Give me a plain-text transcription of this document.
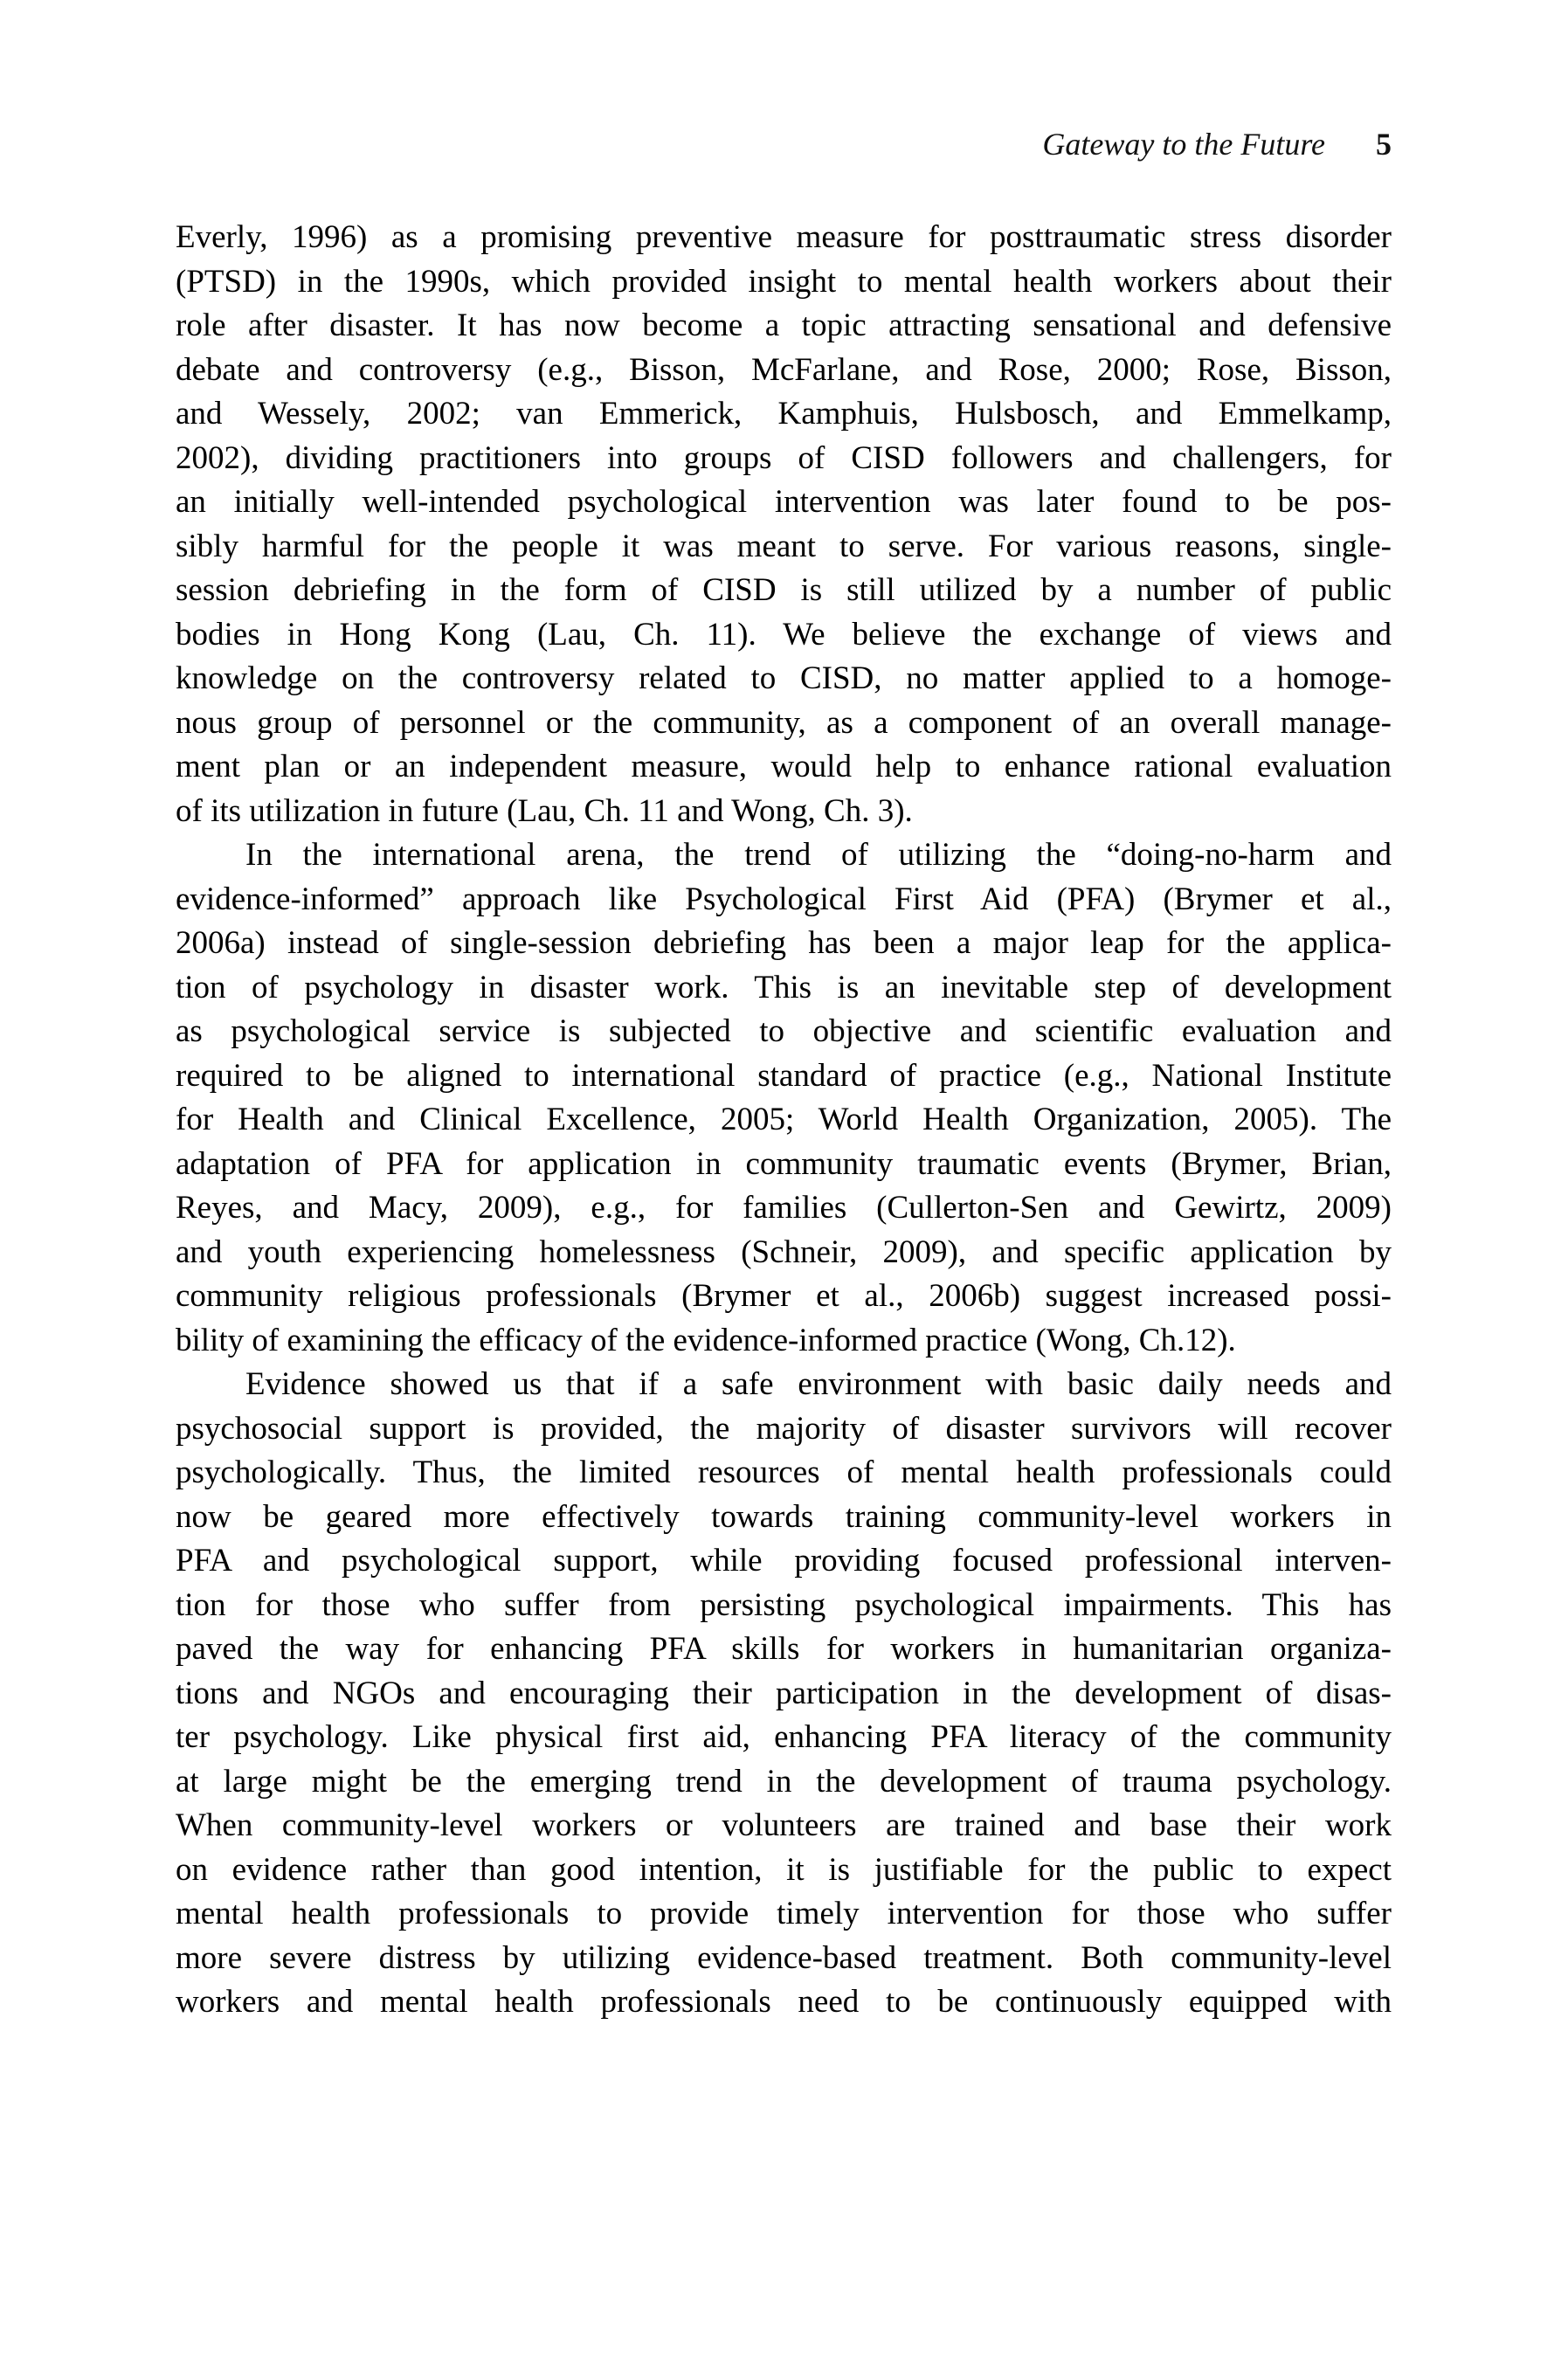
Gateway to the Future 5
Everly, 1996) as a promising preventive measure for posttraumatic stress disorder
(PTSD) in the 1990s, which provided insight to mental health workers about their
role after disaster. It has now become a topic attracting sensational and defensive
debate and controversy (e.g., Bisson, McFarlane, and Rose, 2000; Rose, Bisson,
and Wessely, 2002; van Emmerick, Kamphuis, Hulsbosch, and Emmelkamp,
2002), dividing practitioners into groups of CISD followers and challengers, for
an initially well-intended psychological intervention was later found to be pos-
sibly harmful for the people it was meant to serve. For various reasons, single-
session debriefing in the form of CISD is still utilized by a number of public
bodies in Hong Kong (Lau, Ch. 11). We believe the exchange of views and
knowledge on the controversy related to CISD, no matter applied to a homoge-
nous group of personnel or the community, as a component of an overall manage-
ment plan or an independent measure, would help to enhance rational evaluation
of its utilization in future (Lau, Ch. 11 and Wong, Ch. 3).
In the international arena, the trend of utilizing the “doing-no-harm and
evidence-informed” approach like Psychological First Aid (PFA) (Brymer et al.,
2006a) instead of single-session debriefing has been a major leap for the applica-
tion of psychology in disaster work. This is an inevitable step of development
as psychological service is subjected to objective and scientific evaluation and
required to be aligned to international standard of practice (e.g., National Institute
for Health and Clinical Excellence, 2005; World Health Organization, 2005). The
adaptation of PFA for application in community traumatic events (Brymer, Brian,
Reyes, and Macy, 2009), e.g., for families (Cullerton-Sen and Gewirtz, 2009)
and youth experiencing homelessness (Schneir, 2009), and specific application by
community religious professionals (Brymer et al., 2006b) suggest increased possi-
bility of examining the efficacy of the evidence-informed practice (Wong, Ch.12).
Evidence showed us that if a safe environment with basic daily needs and
psychosocial support is provided, the majority of disaster survivors will recover
psychologically. Thus, the limited resources of mental health professionals could
now be geared more effectively towards training community-level workers in
PFA and psychological support, while providing focused professional interven-
tion for those who suffer from persisting psychological impairments. This has
paved the way for enhancing PFA skills for workers in humanitarian organiza-
tions and NGOs and encouraging their participation in the development of disas-
ter psychology. Like physical first aid, enhancing PFA literacy of the community
at large might be the emerging trend in the development of trauma psychology.
When community-level workers or volunteers are trained and base their work
on evidence rather than good intention, it is justifiable for the public to expect
mental health professionals to provide timely intervention for those who suffer
more severe distress by utilizing evidence-based treatment. Both community-level
workers and mental health professionals need to be continuously equipped with
